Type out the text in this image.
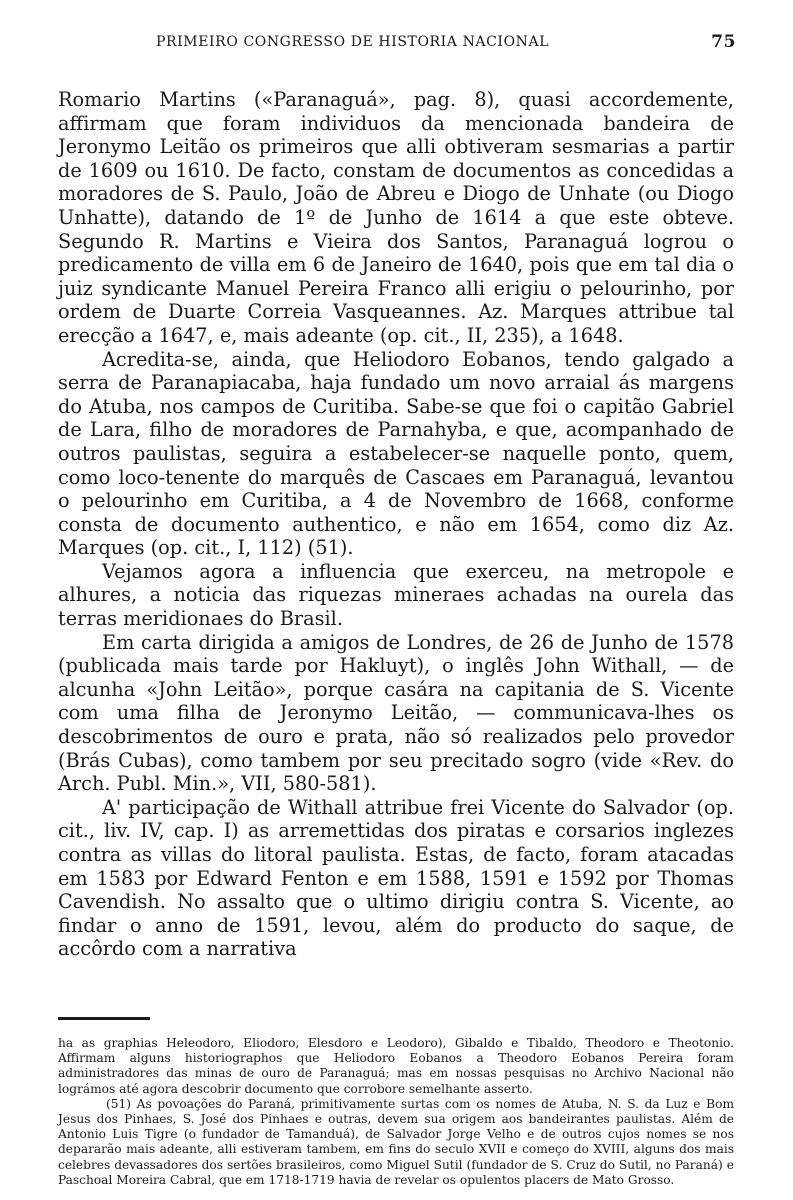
PRIMEIRO CONGRESSO DE HISTORIA NACIONAL	75

Romario Martins («Paranaguá», pag. 8), quasi accordemente, affirmam que foram individuos da mencionada bandeira de Jeronymo Leitão os primeiros que alli obtiveram sesmarias a partir de 1609 ou 1610. De facto, constam de documentos as concedidas a moradores de S. Paulo, João de Abreu e Diogo de Unhate (ou Diogo Unhatte), datando de 1º de Junho de 1614 a que este obteve. Segundo R. Martins e Vieira dos Santos, Paranaguá logrou o predicamento de villa em 6 de Janeiro de 1640, pois que em tal dia o juiz syndicante Manuel Pereira Franco alli erigiu o pelourinho, por ordem de Duarte Correia Vasqueannes. Az. Marques attribue tal erecção a 1647, e, mais adeante (op. cit., II, 235), a 1648.

Acredita-se, ainda, que Heliodoro Eobanos, tendo galgado a serra de Paranapiacaba, haja fundado um novo arraial ás margens do Atuba, nos campos de Curitiba. Sabe-se que foi o capitão Gabriel de Lara, filho de moradores de Parnahyba, e que, acompanhado de outros paulistas, seguira a estabelecer-se naquelle ponto, quem, como loco-tenente do marquês de Cascaes em Paranaguá, levantou o pelourinho em Curitiba, a 4 de Novembro de 1668, conforme consta de documento authentico, e não em 1654, como diz Az. Marques (op. cit., I, 112) (51).

Vejamos agora a influencia que exerceu, na metropole e alhures, a noticia das riquezas mineraes achadas na ourela das terras meridionaes do Brasil.

Em carta dirigida a amigos de Londres, de 26 de Junho de 1578 (publicada mais tarde por Hakluyt), o inglês John Withall, — de alcunha «John Leitão», porque casára na capitania de S. Vicente com uma filha de Jeronymo Leitão, — communicava-lhes os descobrimentos de ouro e prata, não só realizados pelo provedor (Brás Cubas), como tambem por seu precitado sogro (vide «Rev. do Arch. Publ. Min.», VII, 580-581).

A' participação de Withall attribue frei Vicente do Salvador (op. cit., liv. IV, cap. I) as arremettidas dos piratas e corsarios inglezes contra as villas do litoral paulista. Estas, de facto, foram atacadas em 1583 por Edward Fenton e em 1588, 1591 e 1592 por Thomas Cavendish. No assalto que o ultimo dirigiu contra S. Vicente, ao findar o anno de 1591, levou, além do producto do saque, de accôrdo com a narrativa

ha as graphias Heleodoro, Eliodoro, Elesdoro e Leodoro), Gibaldo e Tibaldo, Theodoro e Theotonio. Affirmam alguns historiographos que Heliodoro Eobanos a Theodoro Eobanos Pereira foram administradores das minas de ouro de Paranaguá; mas em nossas pesquisas no Archivo Nacional não lográmos até agora descobrir documento que corrobore semelhante asserto.

(51) As povoações do Paraná, primitivamente surtas com os nomes de Atuba, N. S. da Luz e Bom Jesus dos Pinhaes, S. José dos Pinhaes e outras, devem sua origem aos bandeirantes paulistas. Além de Antonio Luis Tigre (o fundador de Tamanduá), de Salvador Jorge Velho e de outros cujos nomes se nos depararão mais adeante, alli estiveram tambem, em fins do seculo XVII e começo do XVIII, alguns dos mais celebres devassadores dos sertões brasileiros, como Miguel Sutil (fundador de S. Cruz do Sutil, no Paraná) e Paschoal Moreira Cabral, que em 1718-1719 havia de revelar os opulentos placers de Mato Grosso.
